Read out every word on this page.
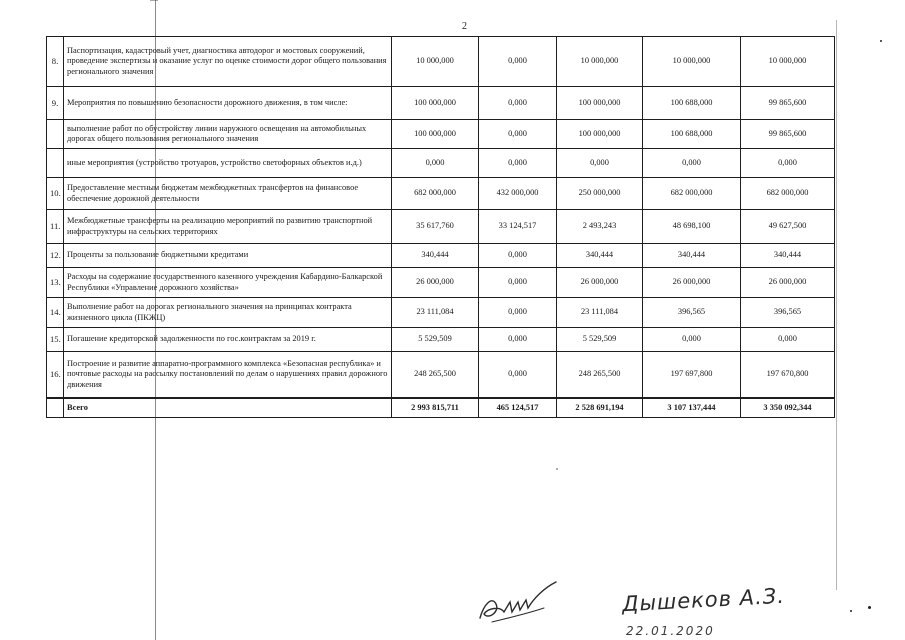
2
8.	Паспортизация, кадастровый учет, диагностика автодорог и мостовых сооружений, проведение экспертизы и оказание услуг по оценке стоимости дорог общего пользования регионального значения	10 000,000	0,000	10 000,000	10 000,000	10 000,000
9.	Мероприятия по повышению безопасности дорожного движения, в том числе:	100 000,000	0,000	100 000,000	100 688,000	99 865,600
	выполнение работ по обустройству линии наружного освещения на автомобильных дорогах общего пользования регионального значения	100 000,000	0,000	100 000,000	100 688,000	99 865,600
	иные мероприятия (устройство тротуаров, устройство светофорных объектов и.д.)	0,000	0,000	0,000	0,000	0,000
10.	Предоставление местным бюджетам межбюджетных трансфертов на финансовое обеспечение дорожной деятельности	682 000,000	432 000,000	250 000,000	682 000,000	682 000,000
11.	Межбюджетные трансферты на реализацию мероприятий по развитию транспортной инфраструктуры на сельских территориях	35 617,760	33 124,517	2 493,243	48 698,100	49 627,500
12.	Проценты за пользование бюджетными кредитами	340,444	0,000	340,444	340,444	340,444
13.	Расходы на содержание государственного казенного учреждения Кабардино-Балкарской Республики «Управление дорожного хозяйства»	26 000,000	0,000	26 000,000	26 000,000	26 000,000
14.	Выполнение работ на дорогах регионального значения на принципах контракта жизненного цикла (ПКЖЦ)	23 111,084	0,000	23 111,084	396,565	396,565
15.	Погашение кредиторской задолженности по гос.контрактам за 2019 г.	5 529,509	0,000	5 529,509	0,000	0,000
16.	Построение и развитие аппаратно-программного комплекса «Безопасная республика» и почтовые расходы на рассылку постановлений по делам о нарушениях правил дорожного движения	248 265,500	0,000	248 265,500	197 697,800	197 670,800
	Всего	2 993 815,711	465 124,517	2 528 691,194	3 107 137,444	3 350 092,344
Дышеков А.З.
22.01.2020
